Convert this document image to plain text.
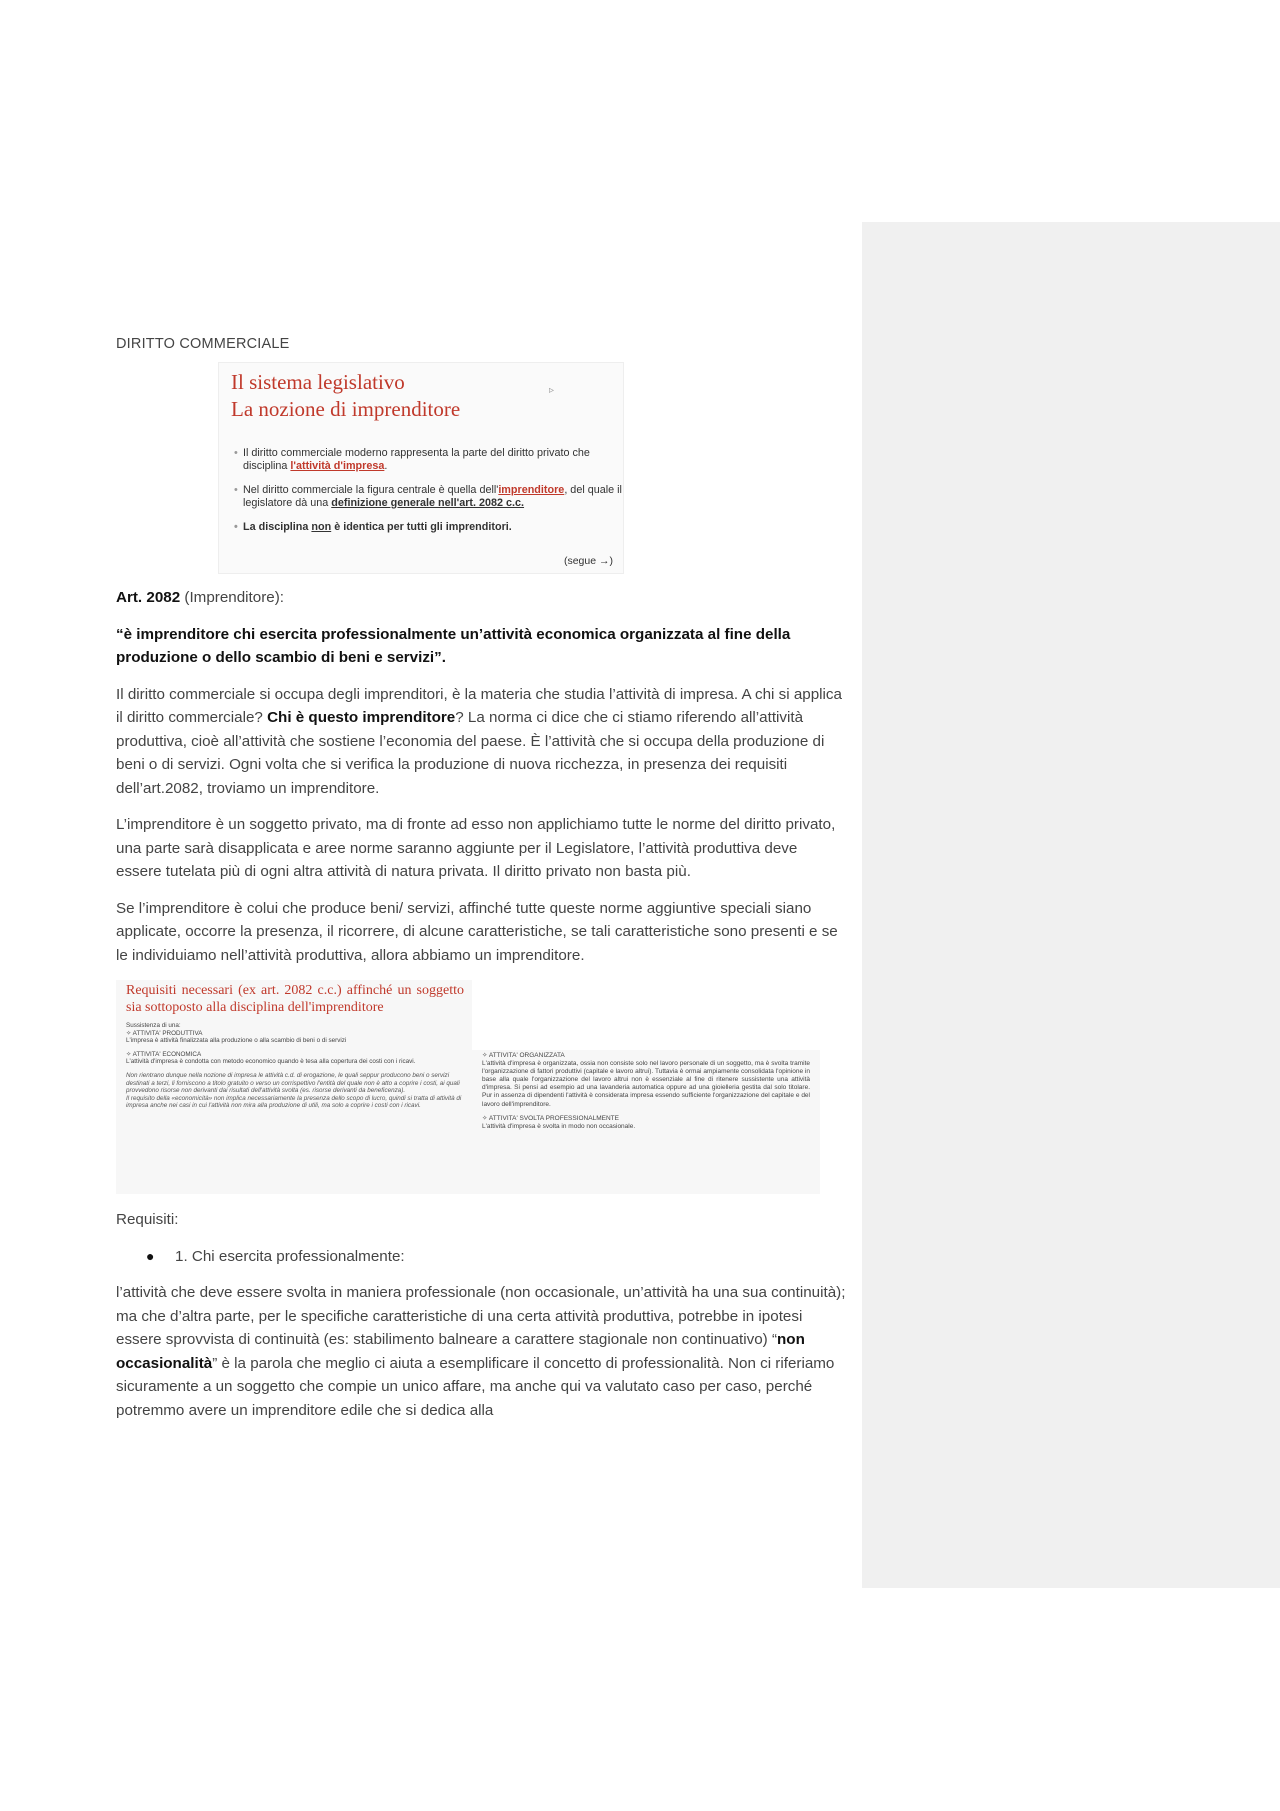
DIRITTO COMMERCIALE
Il sistema legislativo
La nozione di imprenditore
▹
• Il diritto commerciale moderno rappresenta la parte del diritto privato che disciplina l'attività d'impresa.
• Nel diritto commerciale la figura centrale è quella dell'imprenditore, del quale il legislatore dà una definizione generale nell'art. 2082 c.c.
• La disciplina non è identica per tutti gli imprenditori.
(segue →)
Art. 2082 (Imprenditore):
“è imprenditore chi esercita professionalmente un’attività economica organizzata al fine della produzione o dello scambio di beni e servizi”.

Il diritto commerciale si occupa degli imprenditori, è la materia che studia l’attività di impresa. A chi si applica il diritto commerciale? Chi è questo imprenditore? La norma ci dice che ci stiamo riferendo all’attività produttiva, cioè all’attività che sostiene l’economia del paese. È l’attività che si occupa della produzione di beni o di servizi. Ogni volta che si verifica la produzione di nuova ricchezza, in presenza dei requisiti dell’art.2082, troviamo un imprenditore.

L’imprenditore è un soggetto privato, ma di fronte ad esso non applichiamo tutte le norme del diritto privato, una parte sarà disapplicata e aree norme saranno aggiunte per il Legislatore, l’attività produttiva deve essere tutelata più di ogni altra attività di natura privata. Il diritto privato non basta più.

Se l’imprenditore è colui che produce beni/ servizi, affinché tutte queste norme aggiuntive speciali siano applicate, occorre la presenza, il ricorrere, di alcune caratteristiche, se tali caratteristiche sono presenti e se le individuiamo nell’attività produttiva, allora abbiamo un imprenditore.

Requisiti necessari (ex art. 2082 c.c.) affinché un soggetto sia sottoposto alla disciplina dell'imprenditore
Sussistenza di una:
✧ ATTIVITA' PRODUTTIVA
L'impresa è attività finalizzata alla produzione o alla scambio di beni o di servizi
✧ ATTIVITA' ECONOMICA
L'attività d'impresa è condotta con metodo economico quando è tesa alla copertura dei costi con i ricavi.
Non rientrano dunque nella nozione di impresa le attività c.d. di erogazione, le quali seppur producono beni o servizi destinati a terzi, li forniscono a titolo gratuito o verso un corrispettivo l'entità del quale non è atto a coprire i costi, ai quali provvedono risorse non derivanti dai risultati dell'attività svolta (es. risorse derivanti da beneficenza).
Il requisito della «economicità» non implica necessariamente la presenza dello scopo di lucro, quindi si tratta di attività di impresa anche nei casi in cui l'attività non mira alla produzione di utili, ma solo a coprire i costi con i ricavi.
✧ ATTIVITA' ORGANIZZATA
L'attività d'impresa è organizzata, ossia non consiste solo nel lavoro personale di un soggetto, ma è svolta tramite l'organizzazione di fattori produttivi (capitale e lavoro altrui). Tuttavia è ormai ampiamente consolidata l'opinione in base alla quale l'organizzazione del lavoro altrui non è essenziale al fine di ritenere sussistente una attività d'impresa. Si pensi ad esempio ad una lavanderia automatica oppure ad una gioielleria gestita dal solo titolare. Pur in assenza di dipendenti l'attività è considerata impresa essendo sufficiente l'organizzazione del capitale e del lavoro dell'imprenditore.
✧ ATTIVITA' SVOLTA PROFESSIONALMENTE
L'attività d'impresa è svolta in modo non occasionale.

Requisiti:

● 1. Chi esercita professionalmente:

l’attività che deve essere svolta in maniera professionale (non occasionale, un’attività ha una sua continuità); ma che d’altra parte, per le specifiche caratteristiche di una certa attività produttiva, potrebbe in ipotesi essere sprovvista di continuità (es: stabilimento balneare a carattere stagionale non continuativo) “non occasionalità” è la parola che meglio ci aiuta a esemplificare il concetto di professionalità. Non ci riferiamo sicuramente a un soggetto che compie un unico affare, ma anche qui va valutato caso per caso, perché potremmo avere un imprenditore edile che si dedica alla
